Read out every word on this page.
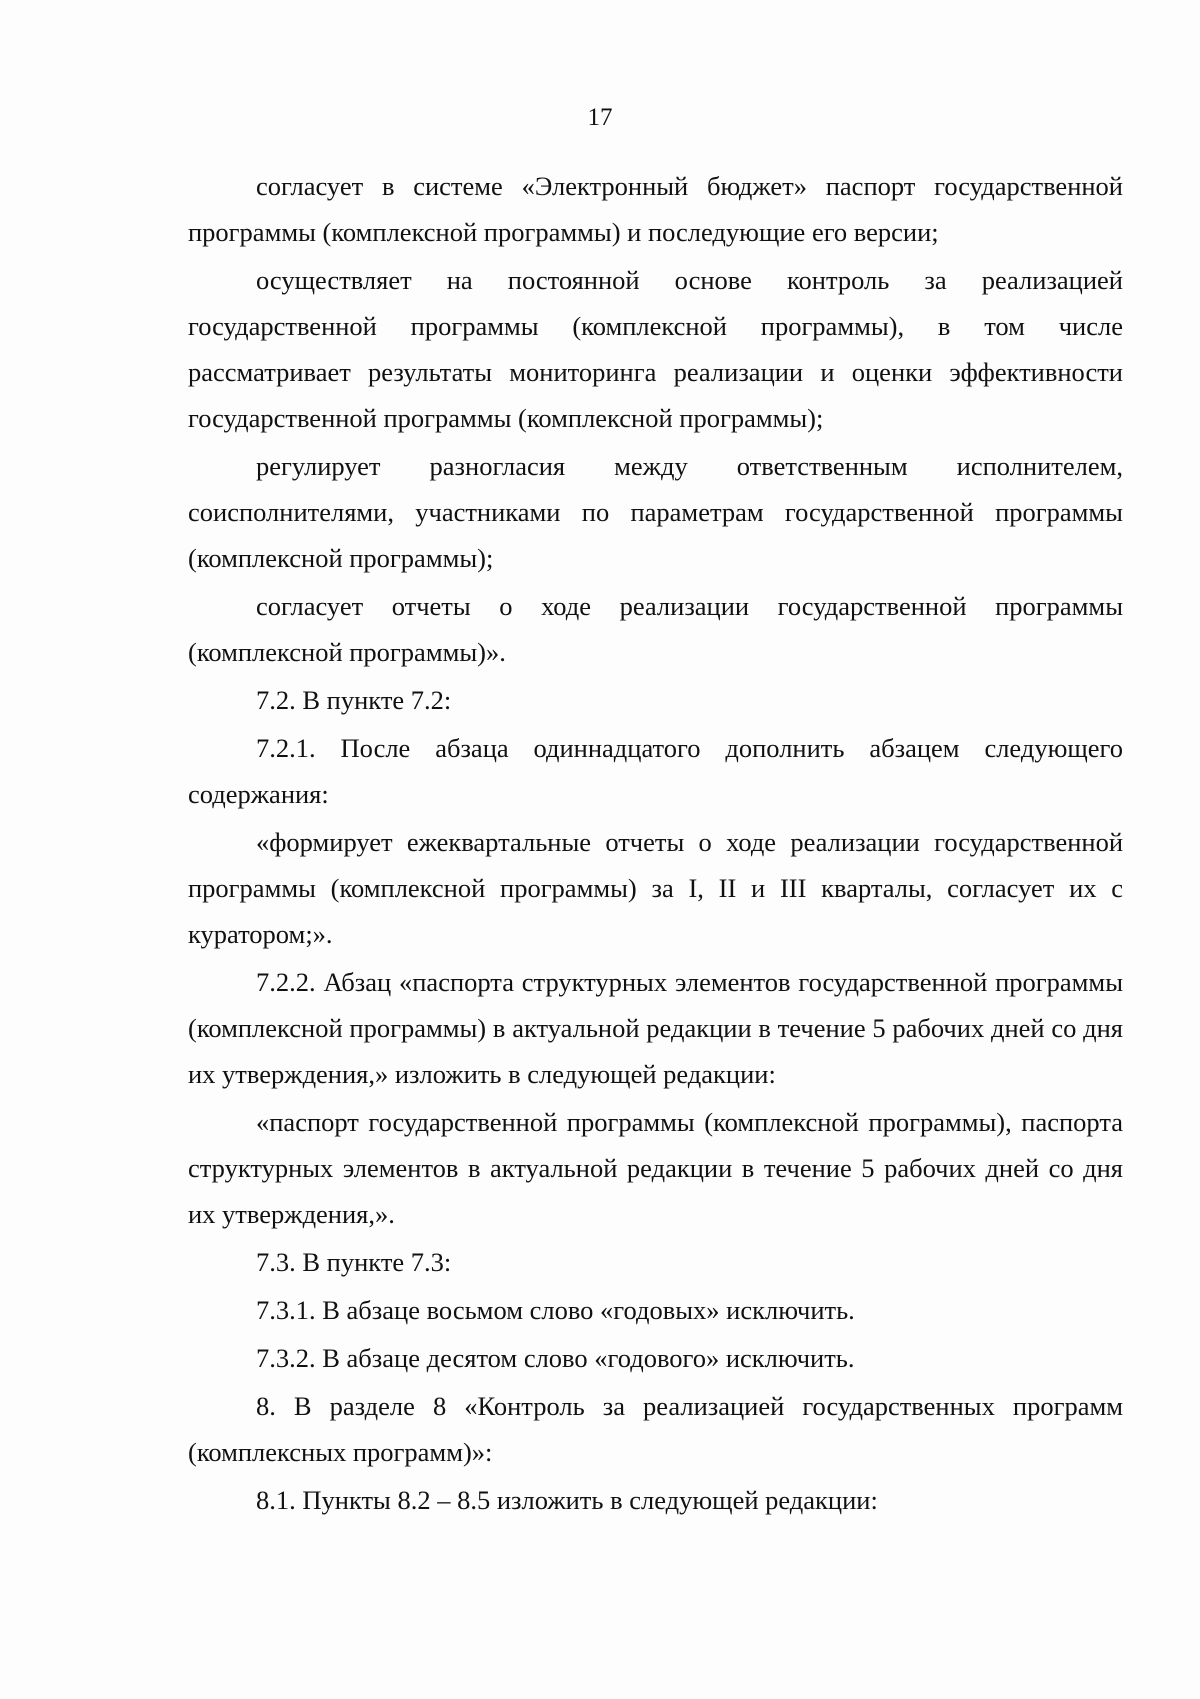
17

согласует в системе «Электронный бюджет» паспорт государственной программы (комплексной программы) и последующие его версии;

осуществляет на постоянной основе контроль за реализацией государственной программы (комплексной программы), в том числе рассматривает результаты мониторинга реализации и оценки эффективности государственной программы (комплексной программы);

регулирует разногласия между ответственным исполнителем, соисполнителями, участниками по параметрам государственной программы (комплексной программы);

согласует отчеты о ходе реализации государственной программы (комплексной программы)».

7.2. В пункте 7.2:

7.2.1. После абзаца одиннадцатого дополнить абзацем следующего содержания:

«формирует ежеквартальные отчеты о ходе реализации государственной программы (комплексной программы) за I, II и III кварталы, согласует их с куратором;».

7.2.2. Абзац «паспорта структурных элементов государственной программы (комплексной программы) в актуальной редакции в течение 5 рабочих дней со дня их утверждения,» изложить в следующей редакции:

«паспорт государственной программы (комплексной программы), паспорта структурных элементов в актуальной редакции в течение 5 рабочих дней со дня их утверждения,».

7.3. В пункте 7.3:

7.3.1. В абзаце восьмом слово «годовых» исключить.

7.3.2. В абзаце десятом слово «годового» исключить.

8. В разделе 8 «Контроль за реализацией государственных программ (комплексных программ)»:

8.1. Пункты 8.2 – 8.5 изложить в следующей редакции:
